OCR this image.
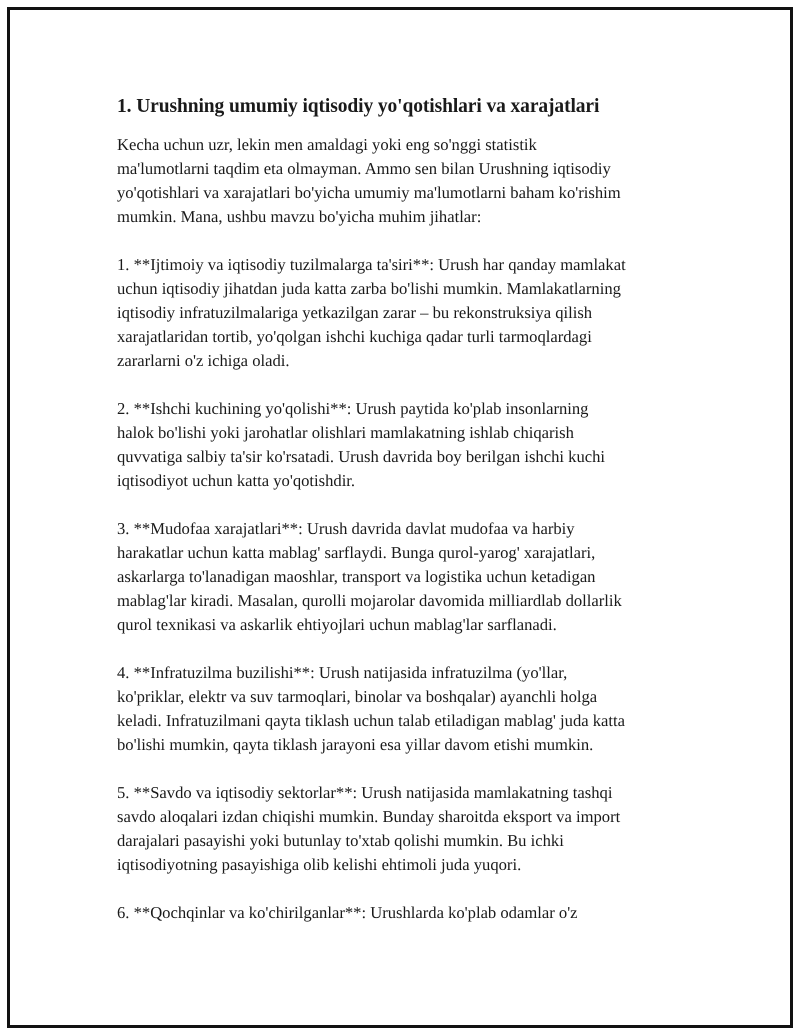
1. Urushning umumiy iqtisodiy yo'qotishlari va xarajatlari

Kecha uchun uzr, lekin men amaldagi yoki eng so'nggi statistik
ma'lumotlarni taqdim eta olmayman. Ammo sen bilan Urushning iqtisodiy
yo'qotishlari va xarajatlari bo'yicha umumiy ma'lumotlarni baham ko'rishim
mumkin. Mana, ushbu mavzu bo'yicha muhim jihatlar:

1. **Ijtimoiy va iqtisodiy tuzilmalarga ta'siri**: Urush har qanday mamlakat
uchun iqtisodiy jihatdan juda katta zarba bo'lishi mumkin. Mamlakatlarning
iqtisodiy infratuzilmalariga yetkazilgan zarar – bu rekonstruksiya qilish
xarajatlaridan tortib, yo'qolgan ishchi kuchiga qadar turli tarmoqlardagi
zararlarni o'z ichiga oladi.

2. **Ishchi kuchining yo'qolishi**: Urush paytida ko'plab insonlarning
halok bo'lishi yoki jarohatlar olishlari mamlakatning ishlab chiqarish
quvvatiga salbiy ta'sir ko'rsatadi. Urush davrida boy berilgan ishchi kuchi
iqtisodiyot uchun katta yo'qotishdir.

3. **Mudofaa xarajatlari**: Urush davrida davlat mudofaa va harbiy
harakatlar uchun katta mablag' sarflaydi. Bunga qurol-yarog' xarajatlari,
askarlarga to'lanadigan maoshlar, transport va logistika uchun ketadigan
mablag'lar kiradi. Masalan, qurolli mojarolar davomida milliardlab dollarlik
qurol texnikasi va askarlik ehtiyojlari uchun mablag'lar sarflanadi.

4. **Infratuzilma buzilishi**: Urush natijasida infratuzilma (yo'llar,
ko'priklar, elektr va suv tarmoqlari, binolar va boshqalar) ayanchli holga
keladi. Infratuzilmani qayta tiklash uchun talab etiladigan mablag' juda katta
bo'lishi mumkin, qayta tiklash jarayoni esa yillar davom etishi mumkin.

5. **Savdo va iqtisodiy sektorlar**: Urush natijasida mamlakatning tashqi
savdo aloqalari izdan chiqishi mumkin. Bunday sharoitda eksport va import
darajalari pasayishi yoki butunlay to'xtab qolishi mumkin. Bu ichki
iqtisodiyotning pasayishiga olib kelishi ehtimoli juda yuqori.

6. **Qochqinlar va ko'chirilganlar**: Urushlarda ko'plab odamlar o'z
